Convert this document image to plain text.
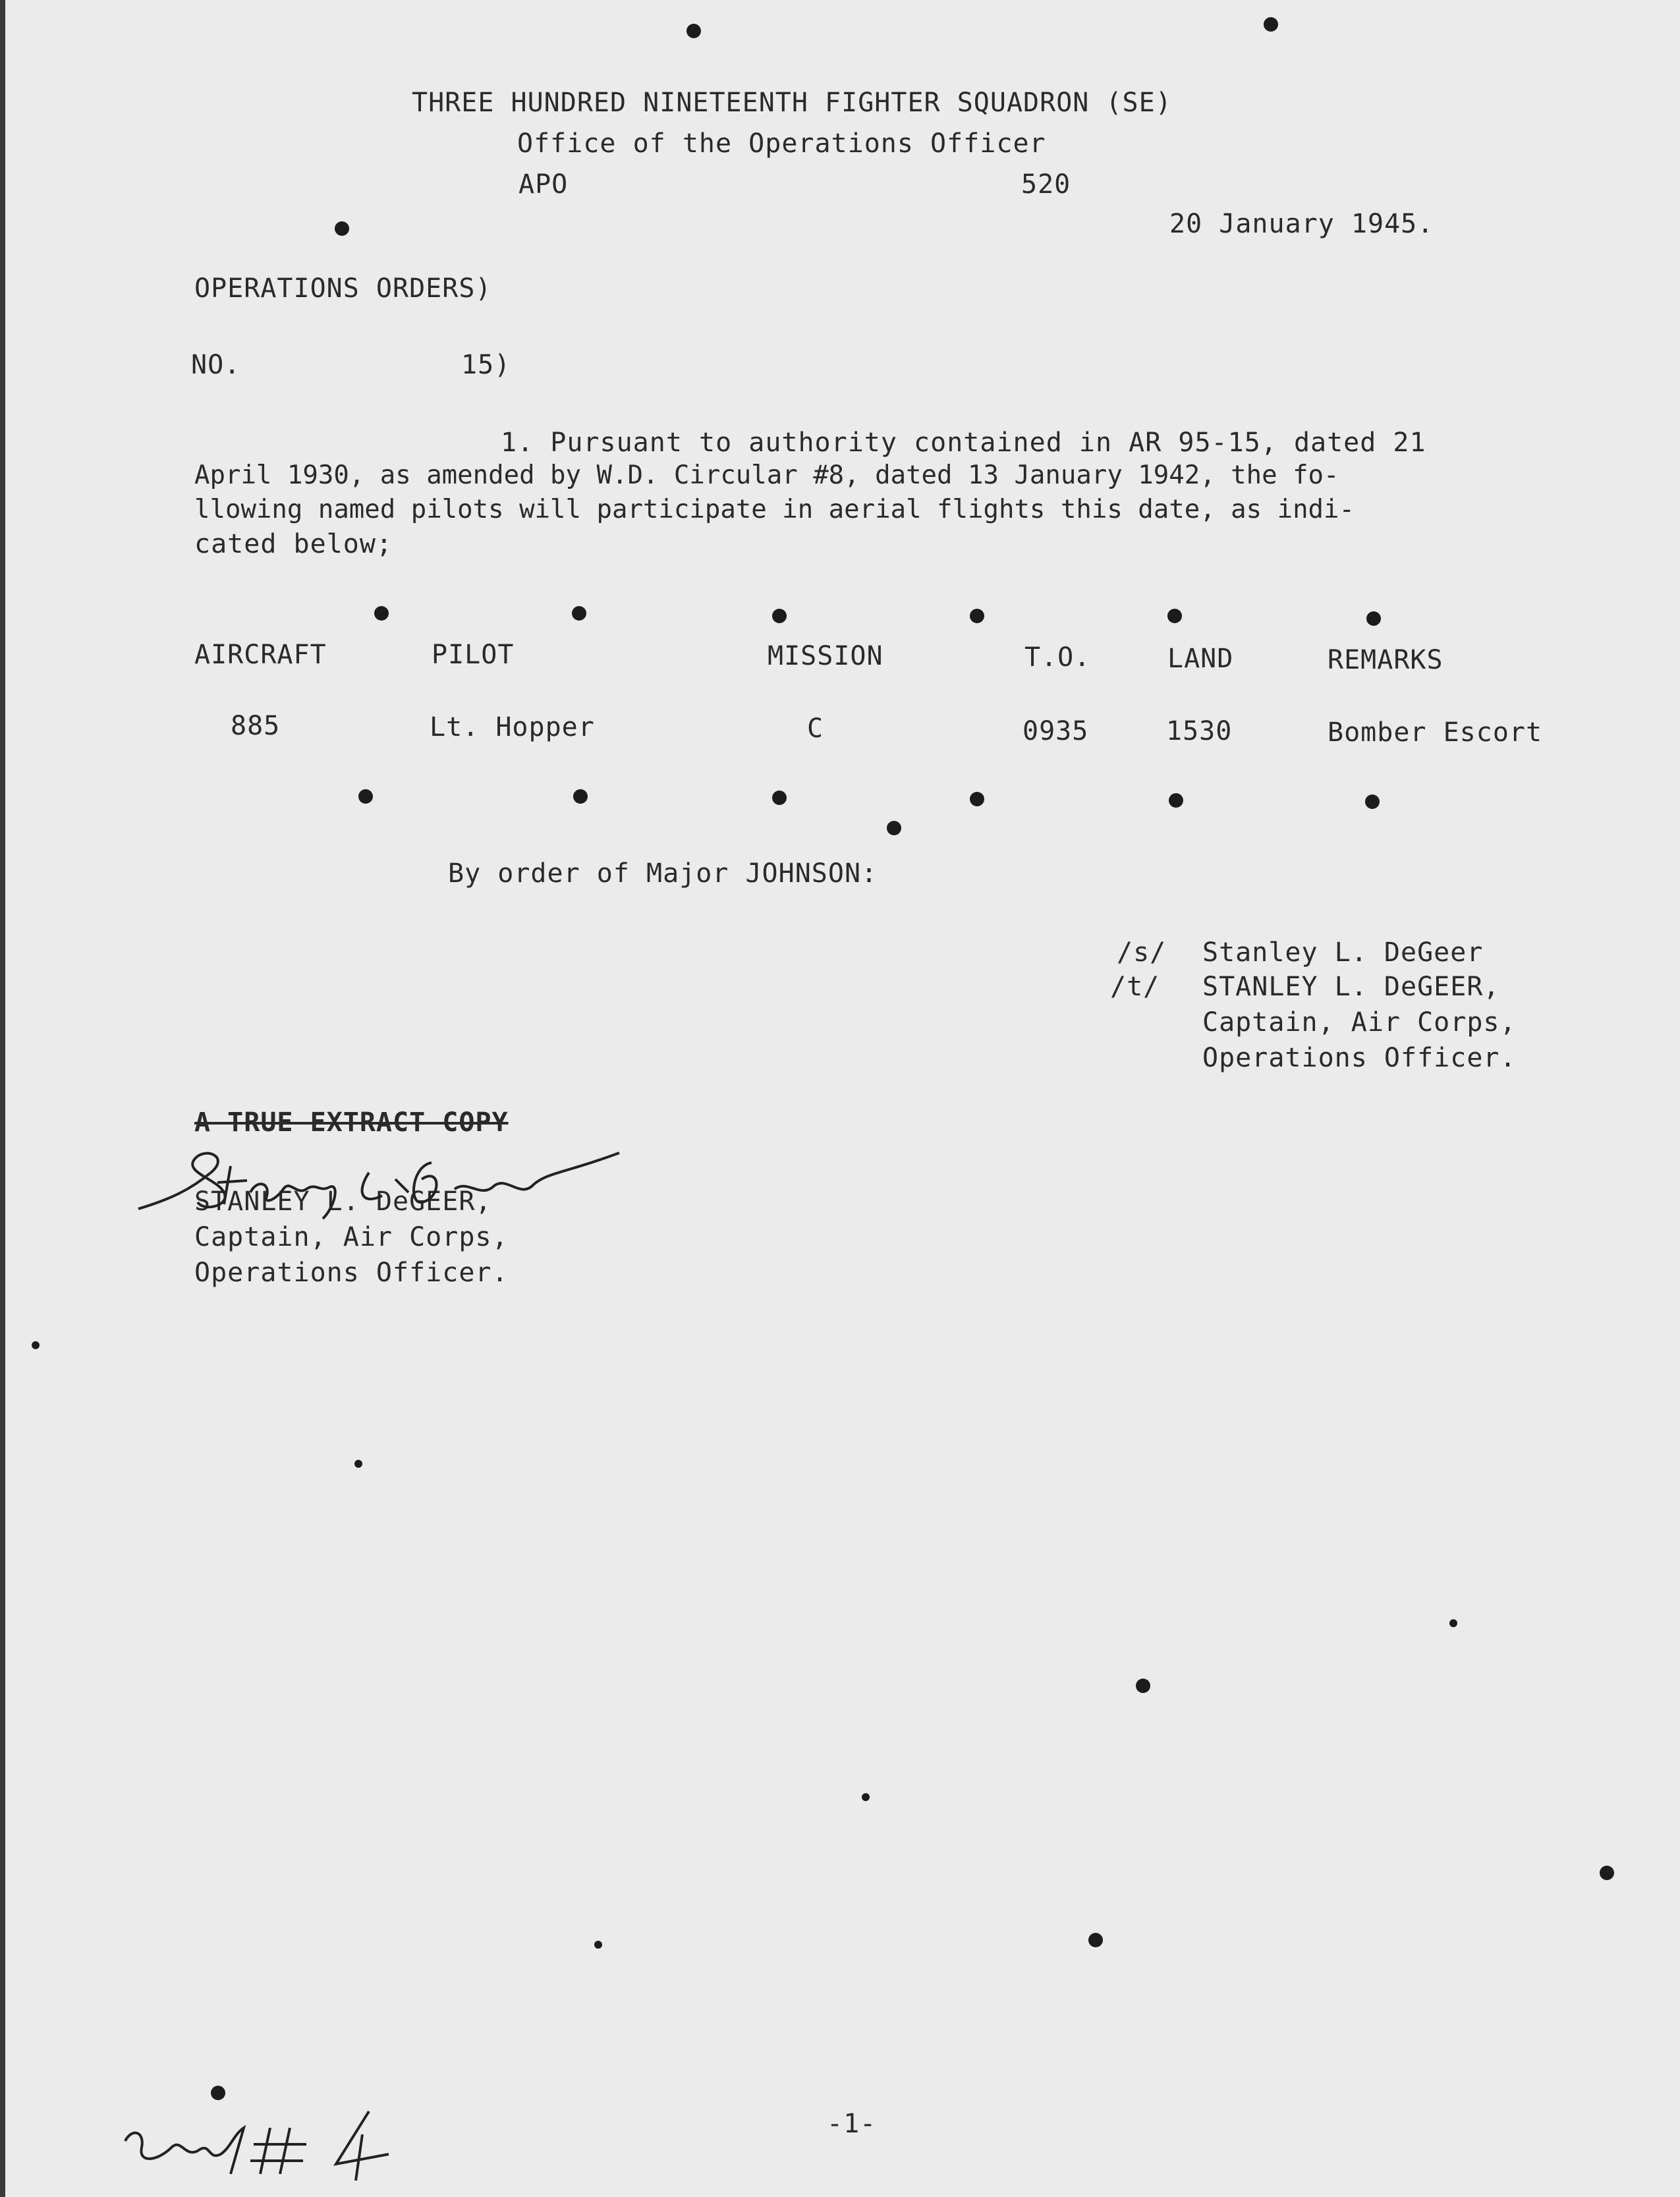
THREE HUNDRED NINETEENTH FIGHTER SQUADRON (SE)
Office of the Operations Officer
APO	520
20 January 1945.
OPERATIONS ORDERS)
NO.	15)
1. Pursuant to authority contained in AR 95-15, dated 21
April 1930, as amended by W.D. Circular #8, dated 13 January 1942, the fo-
llowing named pilots will participate in aerial flights this date, as indi-
cated below;
AIRCRAFT	PILOT	MISSION	T.O.	LAND	REMARKS
885	Lt. Hopper	C	0935	1530	Bomber Escort
By order of Major JOHNSON:
/s/ Stanley L. DeGeer
/t/ STANLEY L. DeGEER,
Captain, Air Corps,
Operations Officer.
A TRUE EXTRACT COPY
STANLEY L. DeGEER,
Captain, Air Corps,
Operations Officer.
-1-
